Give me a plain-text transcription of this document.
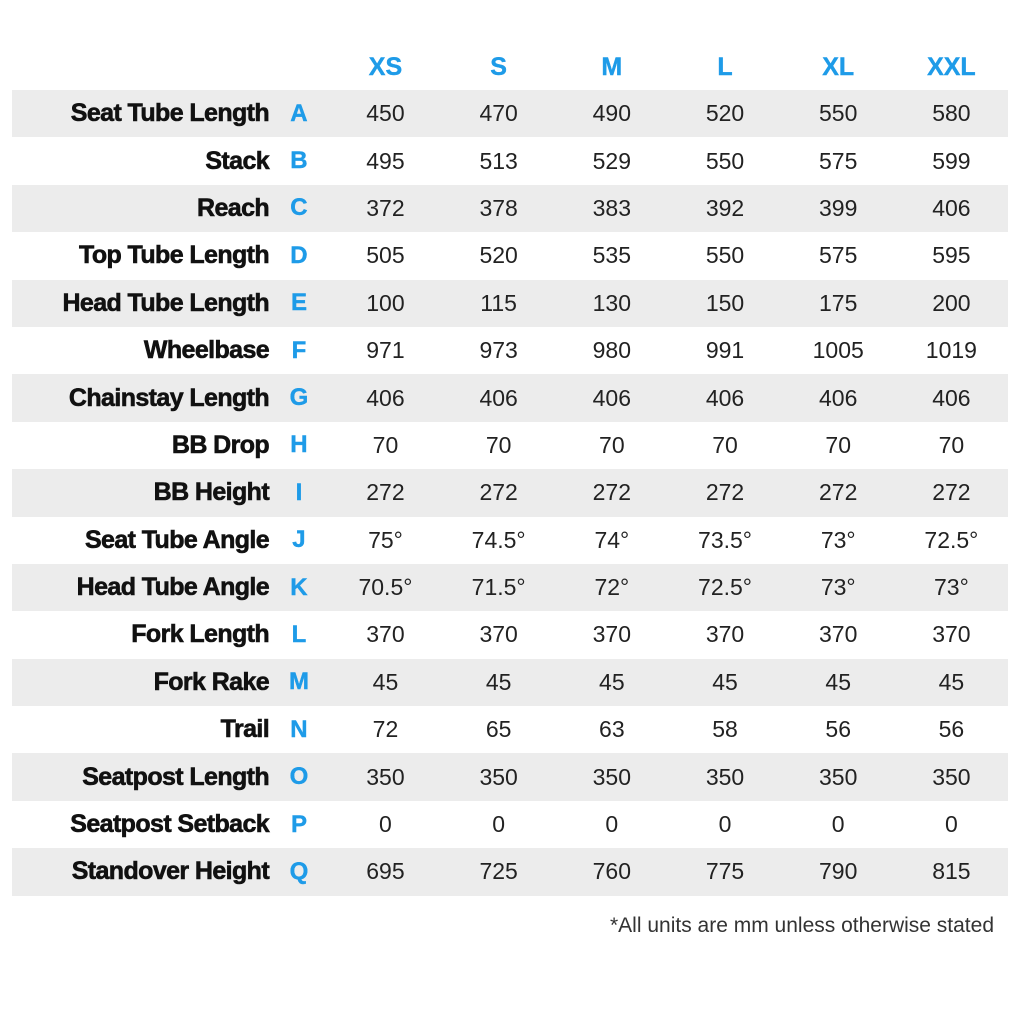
XS	S	M	L	XL	XXL
Seat Tube Length A	450	470	490	520	550	580
Stack B	495	513	529	550	575	599
Reach C	372	378	383	392	399	406
Top Tube Length D	505	520	535	550	575	595
Head Tube Length E	100	115	130	150	175	200
Wheelbase F	971	973	980	991	1005	1019
Chainstay Length G	406	406	406	406	406	406
BB Drop H	70	70	70	70	70	70
BB Height	I	272	272	272	272	272	272
Seat Tube Angle J	75°	74.5°	74°	73.5°	73°	72.5°
Head Tube Angle K	70.5°	71.5°	72°	72.5°	73°	73°
Fork Length L	370	370	370	370	370	370
Fork Rake M	45	45	45	45	45	45
Trail N	72	65	63	58	56	56
Seatpost Length O	350	350	350	350	350	350
Seatpost Setback P	0	0	0	0	0	0
Standover Height Q	695	725	760	775	790	815
*All units are mm unless otherwise stated
